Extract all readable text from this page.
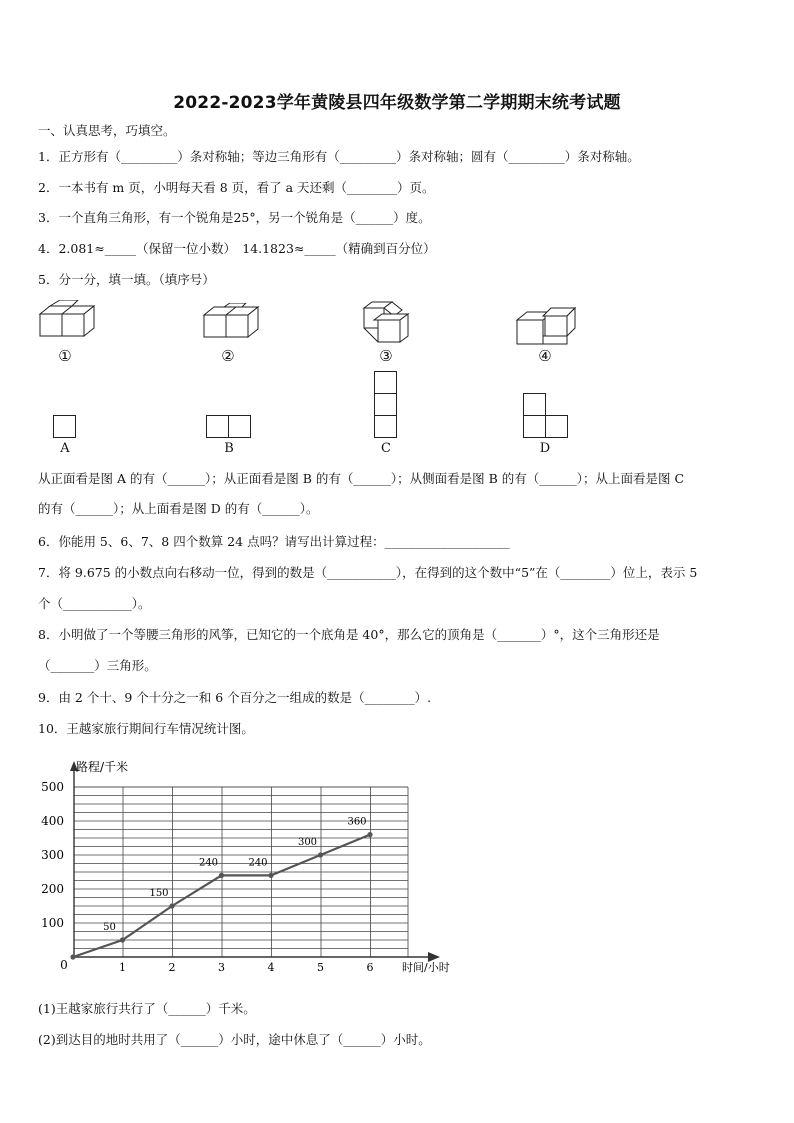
2022-2023学年黄陵县四年级数学第二学期期末统考试题
一、认真思考，巧填空。
1．正方形有（_________）条对称轴；等边三角形有（_________）条对称轴；圆有（_________）条对称轴。
2．一本书有 m 页，小明每天看 8 页，看了 a 天还剩（________）页。
3．一个直角三角形，有一个锐角是25°，另一个锐角是（______）度。
4．2.081≈_____（保留一位小数）　14.1823≈_____（精确到百分位）
5．分一分，填一填。（填序号）
①	②	③	④
A	B	C	D
从正面看是图 A 的有（______）；从正面看是图 B 的有（______）；从侧面看是图 B 的有（______）；从上面看是图 C
的有（______）；从上面看是图 D 的有（______）。
6．你能用 5、6、7、8 四个数算 24 点吗？请写出计算过程：____________________
7．将 9.675 的小数点向右移动一位，得到的数是（___________），在得到的这个数中“5”在（________）位上，表示 5
个（___________）。
8．小明做了一个等腰三角形的风筝，已知它的一个底角是 40°，那么它的顶角是（_______）°，这个三角形还是
（_______）三角形。
9．由 2 个十、9 个十分之一和 6 个百分之一组成的数是（________）.
10．王越家旅行期间行车情况统计图。
100
200
300
400
500
0	1	2	3	4	5	6
50
150
240	240
300
360
路程/千米
时间/小时
(1)王越家旅行共行了（______）千米。
(2)到达目的地时共用了（______）小时，途中休息了（______）小时。
